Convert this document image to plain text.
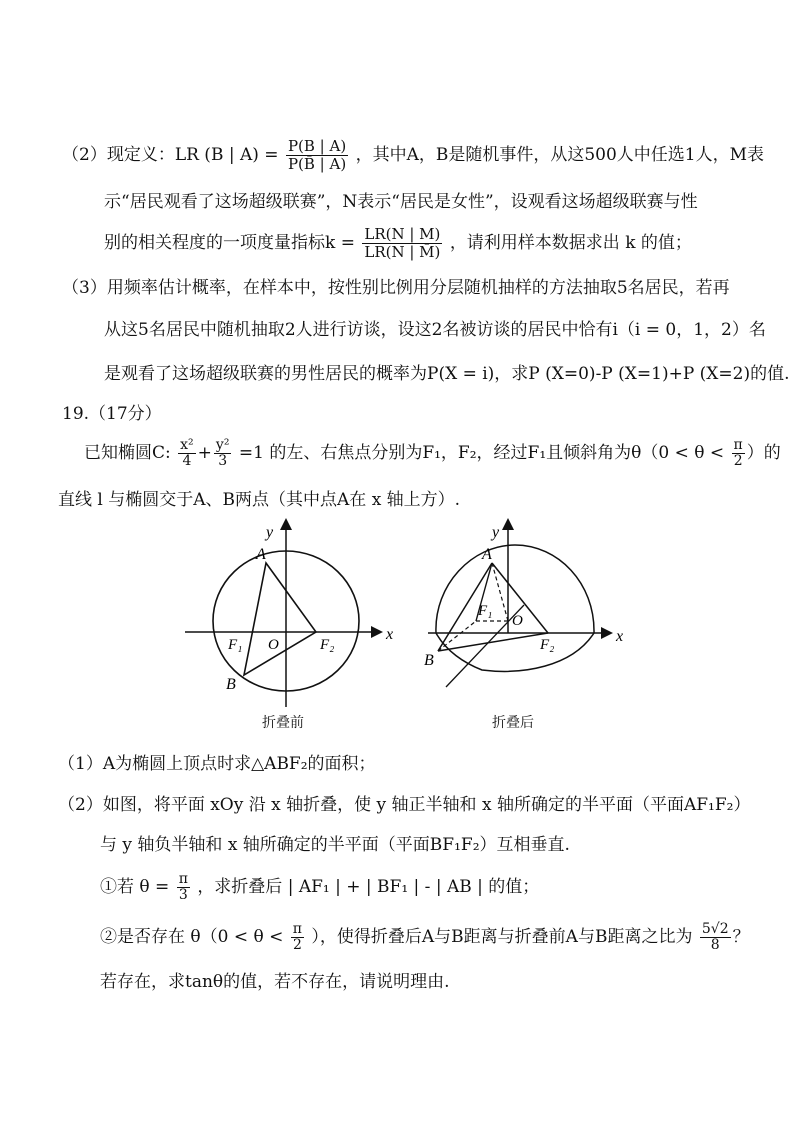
（2）现定义：LR (B | $A) = \frac{P(B | A)}{P(B̄ | A)}$ ，其中A，B是随机事件，从这500人中任选1人，M表
示“居民观看了这场超级联赛”，N表示“居民是女性”，设观看这场超级联赛与性
别的相关程度的一项度量指标$k = \frac{LR(N | M)}{LR(N | M̄)}$ ，请利用样本数据求出 k 的值；
（3）用频率估计概率，在样本中，按性别比例用分层随机抽样的方法抽取5名居民，若再
从这5名居民中随机抽取2人进行访谈，设这2名被访谈的居民中恰有i（i = 0，1，2）名
是观看了这场超级联赛的男性居民的概率为P(X = i)，求P (X=0)-P (X=1)+P (X=2)的值.
19.（17分）
已知椭圆C: $\frac{\text{x²}}{4} + \frac{\text{y²}}{3} =1$ 的左、右焦点分别为F₁，F₂，经过F₁且倾斜角为$\theta(0 < \theta < \frac{\pi}{2}$ ）的
直线 l 与椭圆交于A、B两点（其中点A在 x 轴上方）.
y
x
A
B
F₁ O	F₂
折叠前
y
x
A
B
F₁
O
F₂
折叠后
（1）A为椭圆上顶点时求△ABF₂的面积；
（2）如图，将平面 xOy 沿 x 轴折叠，使 y 轴正半轴和 x 轴所确定的半平面（平面AF₁F₂）
与 y 轴负半轴和 x 轴所确定的半平面（平面BF₁F₂）互相垂直.
①若 $\theta = \frac{\pi}{3}$ ，求折叠后 | AF₁ | + | BF₁ | - | AB | 的值；
②是否存在 $\theta(0 < \theta < \frac{\pi}{2}$ ），使得折叠后A与B距离与折叠前A与B距离之比为 $\frac{5√2}{8}$ ？
若存在，求tanθ的值，若不存在，请说明理由.
